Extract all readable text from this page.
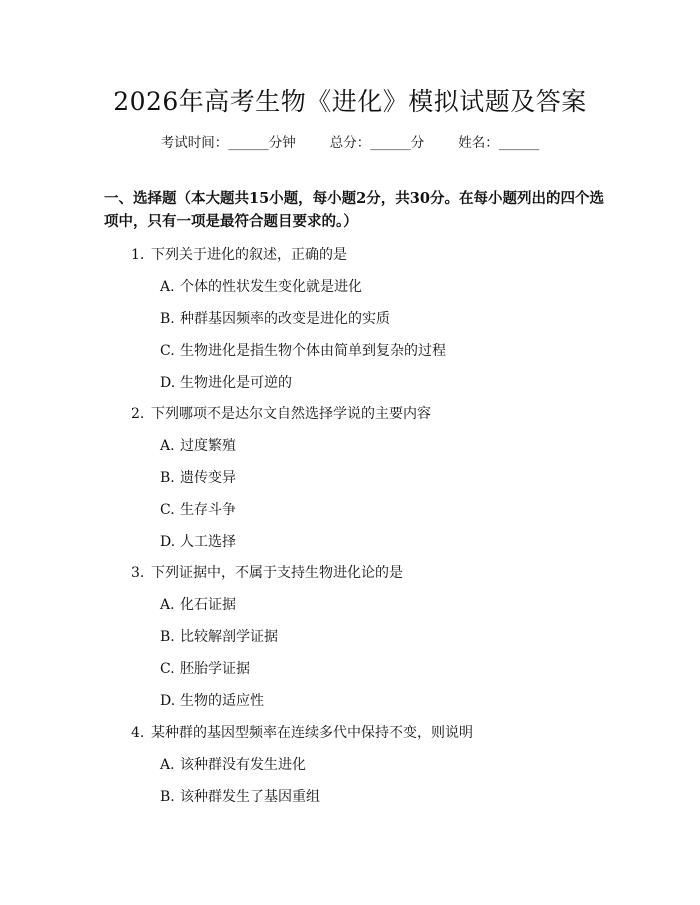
2026年高考生物《进化》模拟试题及答案
考试时间：______分钟	总分：______分	姓名：______
一、选择题（本大题共15小题，每小题2分，共30分。在每小题列出的四个选项中，只有一项是最符合题目要求的。）
1. 下列关于进化的叙述，正确的是
A. 个体的性状发生变化就是进化
B. 种群基因频率的改变是进化的实质
C. 生物进化是指生物个体由简单到复杂的过程
D. 生物进化是可逆的
2. 下列哪项不是达尔文自然选择学说的主要内容
A. 过度繁殖
B. 遗传变异
C. 生存斗争
D. 人工选择
3. 下列证据中，不属于支持生物进化论的是
A. 化石证据
B. 比较解剖学证据
C. 胚胎学证据
D. 生物的适应性
4. 某种群的基因型频率在连续多代中保持不变，则说明
A. 该种群没有发生进化
B. 该种群发生了基因重组
